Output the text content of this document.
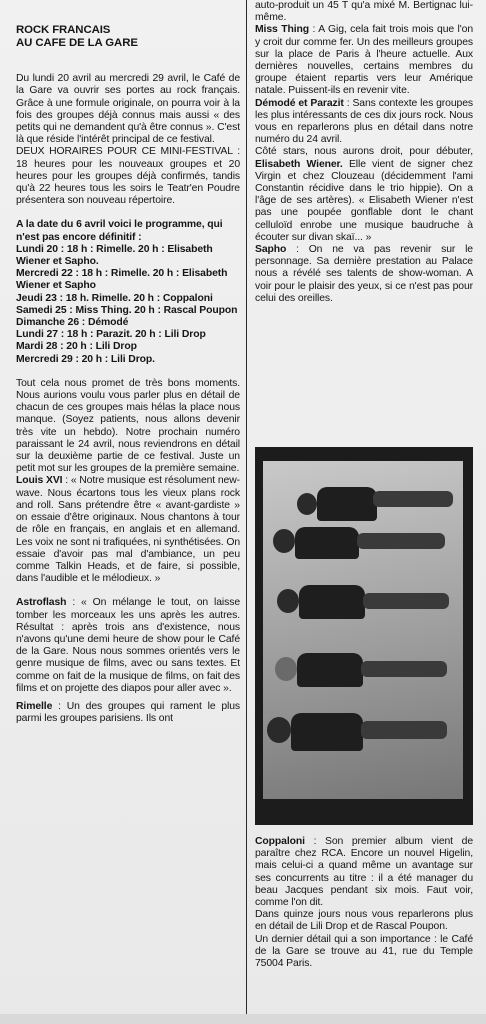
ROCK FRANCAIS
AU CAFE DE LA GARE

Du lundi 20 avril au mercredi 29 avril, le Café de la Gare va ouvrir ses portes au rock français. Grâce à une formule originale, on pourra voir à la fois des groupes déjà connus mais aussi « des petits qui ne demandent qu'à être connus ». C'est là que réside l'intérêt principal de ce festival.

DEUX HORAIRES POUR CE MINI-FESTIVAL : 18 heures pour les nouveaux groupes et 20 heures pour les groupes déjà confirmés, tandis qu'à 22 heures tous les soirs le Teatr'en Poudre présentera son nouveau répertoire.

A la date du 6 avril voici le programme, qui n'est pas encore définitif :

Lundi 20 : 18 h : Rimelle. 20 h : Elisabeth Wiener et Sapho.

Mercredi 22 : 18 h : Rimelle. 20 h : Elisabeth Wiener et Sapho

Jeudi 23 : 18 h. Rimelle. 20 h : Coppaloni

Samedi 25 : Miss Thing. 20 h : Rascal Poupon

Dimanche 26 : Démodé

Lundi 27 : 18 h : Parazit. 20 h : Lili Drop

Mardi 28 : 20 h : Lili Drop

Mercredi 29 : 20 h : Lili Drop.

Tout cela nous promet de très bons moments. Nous aurions voulu vous parler plus en détail de chacun de ces groupes mais hélas la place nous manque. (Soyez patients, nous allons devenir très vite un hebdo). Notre prochain numéro paraissant le 24 avril, nous reviendrons en détail sur la deuxième partie de ce festival. Juste un petit mot sur les groupes de la première semaine.

Louis XVI : « Notre musique est résolument new-wave. Nous écartons tous les vieux plans rock and roll. Sans prétendre être « avant-gardiste » on essaie d'être originaux. Nous chantons à tour de rôle en français, en anglais et en allemand. Les voix ne sont ni trafiquées, ni synthétisées. On essaie d'avoir pas mal d'ambiance, un peu comme Talkin Heads, et de faire, si possible, dans l'audible et le mélodieux. »

Astroflash : « On mélange le tout, on laisse tomber les morceaux les uns après les autres. Résultat : après trois ans d'existence, nous n'avons qu'une demi heure de show pour le Café de la Gare. Nous nous sommes orientés vers le genre musique de films, avec ou sans textes. Et comme on fait de la musique de films, on fait des films et on projette des diapos pour aller avec ».

Rimelle : Un des groupes qui rament le plus parmi les groupes parisiens. Ils ont

auto-produit un 45 T qu'a mixé M. Bertignac lui-même.

Miss Thing : A Gig, cela fait trois mois que l'on y croit dur comme fer. Un des meilleurs groupes sur la place de Paris à l'heure actuelle. Aux dernières nouvelles, certains membres du groupe étaient repartis vers leur Amérique natale. Puissent-ils en revenir vite.

Démodé et Parazit : Sans contexte les groupes les plus intéressants de ces dix jours rock. Nous vous en reparlerons plus en détail dans notre numéro du 24 avril.

Côté stars, nous aurons droit, pour débuter, Elisabeth Wiener. Elle vient de signer chez Virgin et chez Clouzeau (décidemment l'ami Constantin récidive dans le trio hippie). On a l'âge de ses artères). « Elisabeth Wiener n'est pas une poupée gonflable dont le chant celluloïd enrobe une musique baudruche à écouter sur divan skaï... »

Sapho : On ne va pas revenir sur le personnage. Sa dernière prestation au Palace nous a révélé ses talents de show-woman. A voir pour le plaisir des yeux, si ce n'est pas pour celui des oreilles.

Coppaloni : Son premier album vient de paraître chez RCA. Encore un nouvel Higelin, mais celui-ci a quand même un avantage sur ses concurrents au titre : il a été manager du beau Jacques pendant six mois. Faut voir, comme l'on dit.

Dans quinze jours nous vous reparlerons plus en détail de Lili Drop et de Rascal Poupon.

Un dernier détail qui a son importance : le Café de la Gare se trouve au 41, rue du Temple 75004 Paris.
